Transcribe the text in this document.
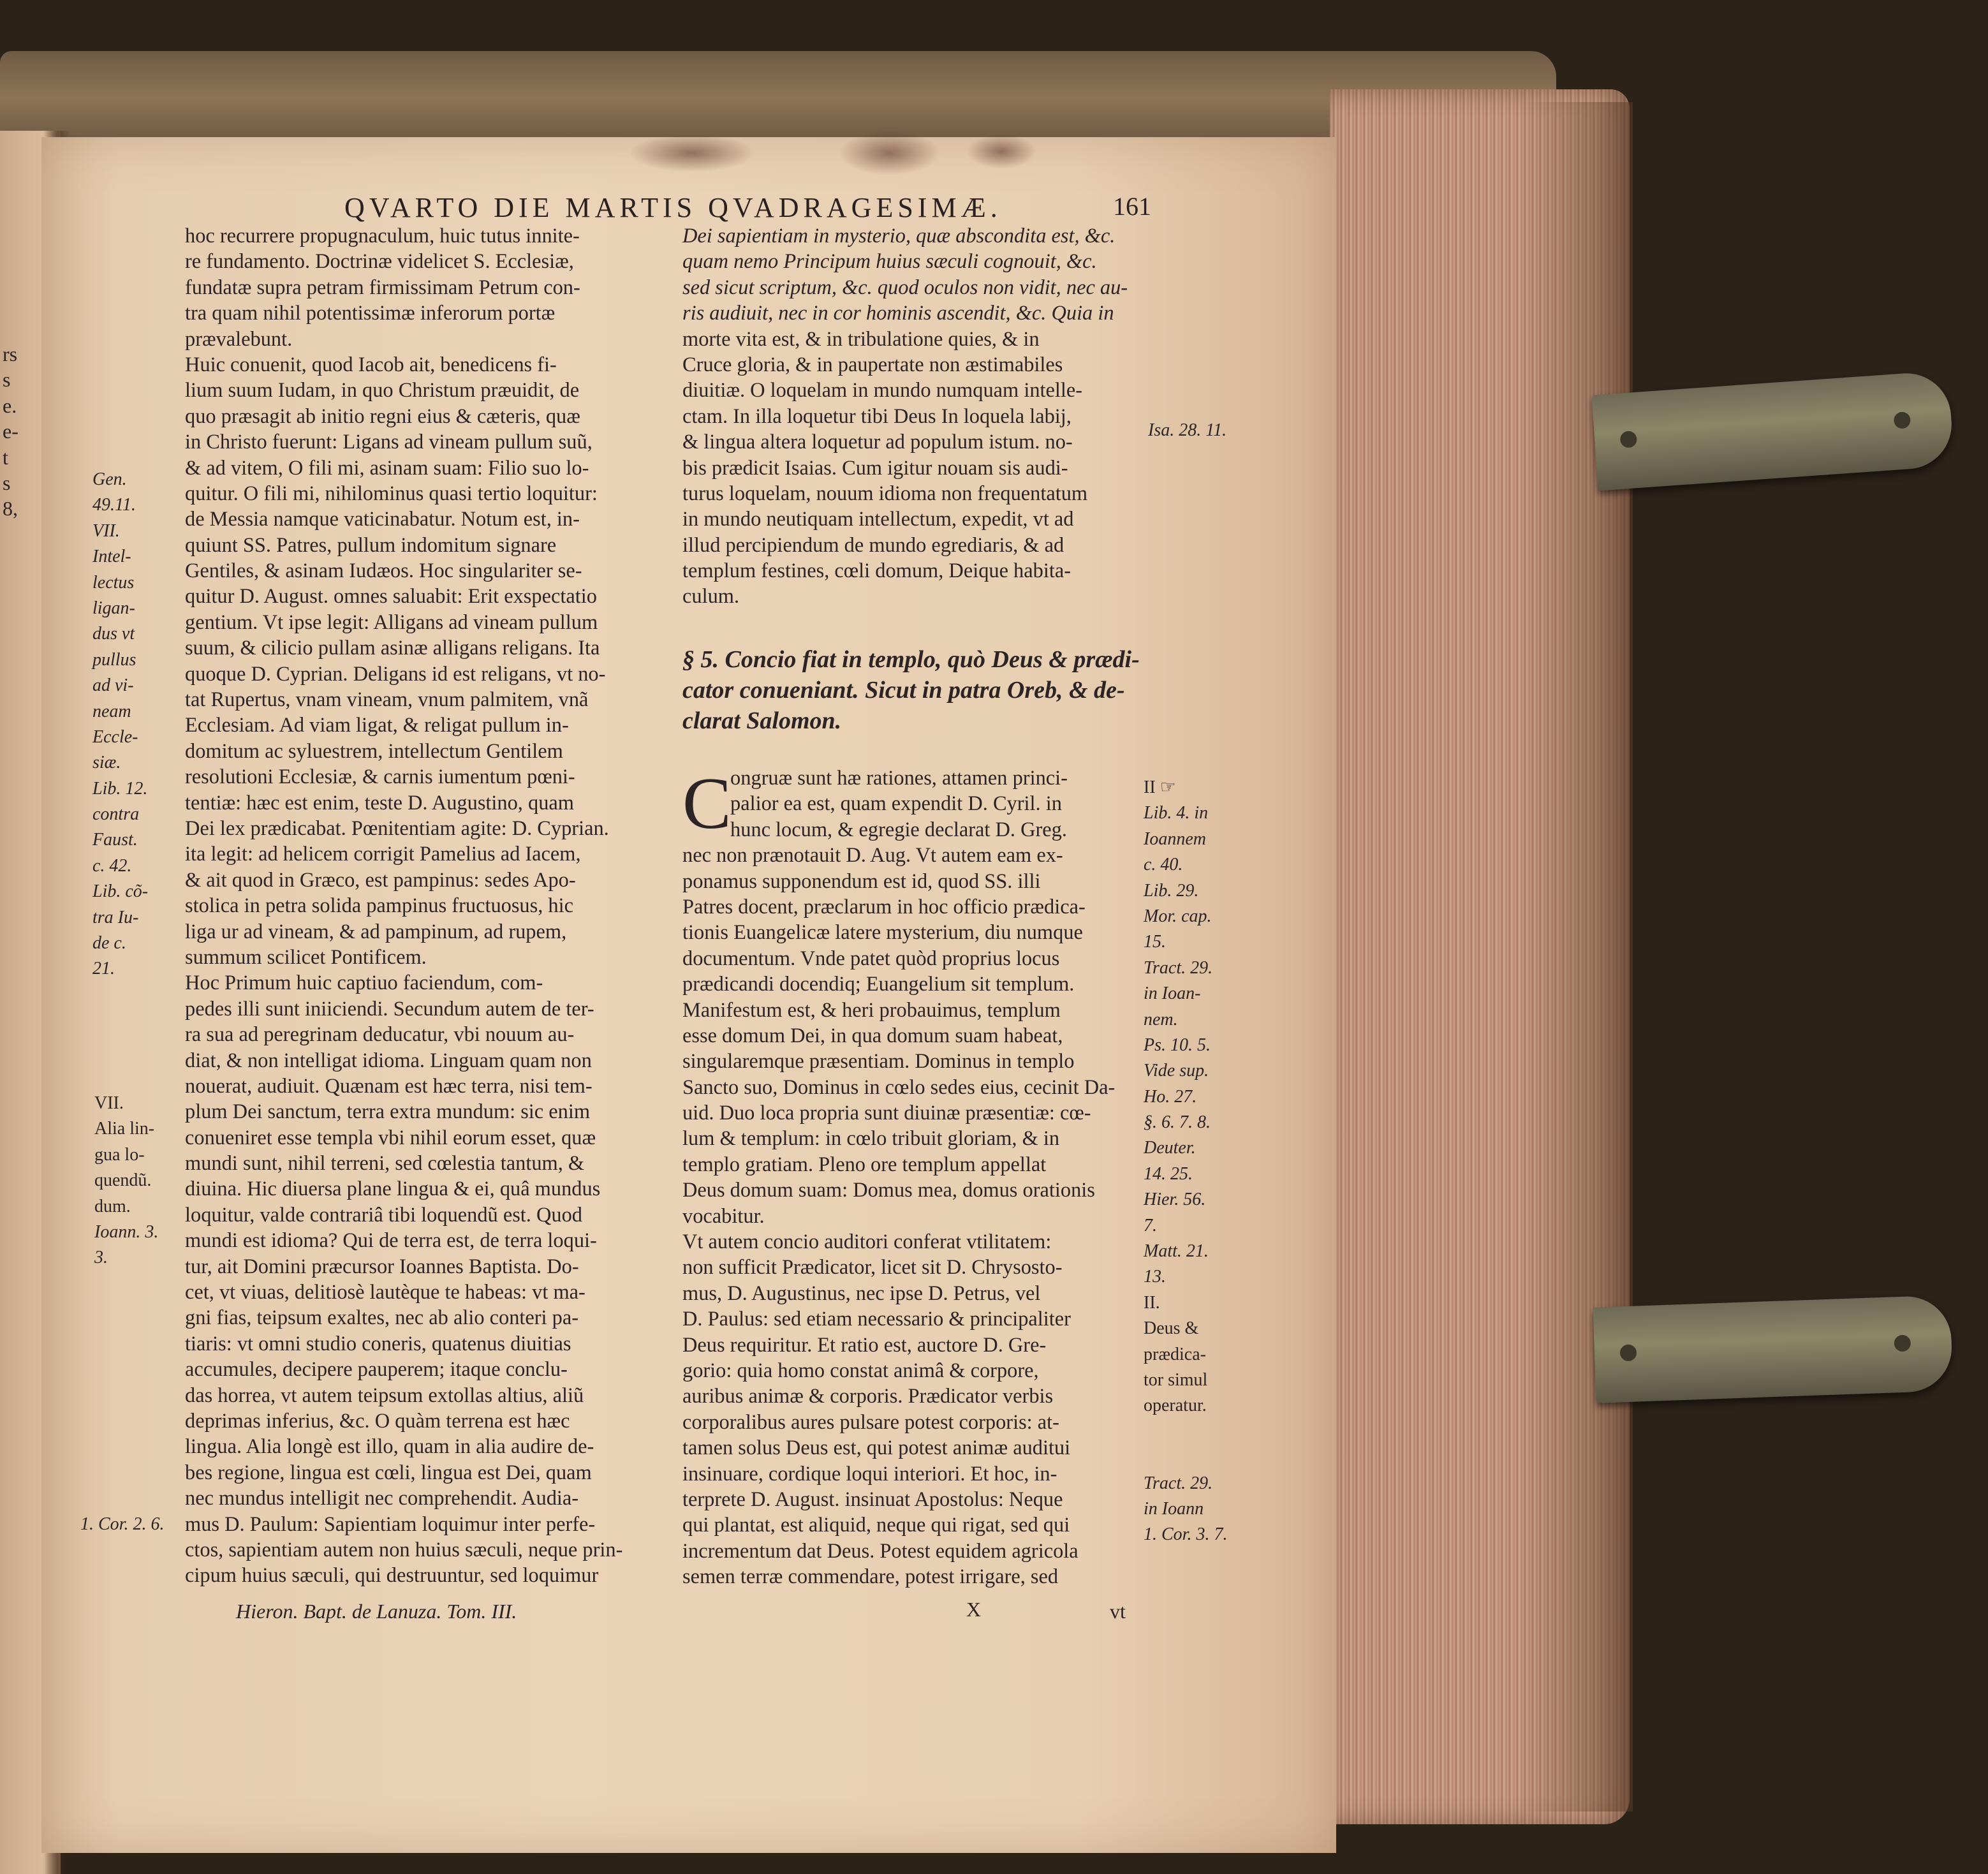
rs
s
e.
e-
t
s
8,
QVARTO DIE MARTIS QVADRAGESIMÆ.	161
hoc recurrere propugnaculum, huic tutus innite-
re fundamento. Doctrinæ videlicet S. Ecclesiæ,
fundatæ supra petram firmissimam Petrum con-
tra quam nihil potentissimæ inferorum portæ
prævalebunt.
Huic conuenit, quod Iacob ait, benedicens fi-
lium suum Iudam, in quo Christum præuidit, de
quo præsagit ab initio regni eius & cæteris, quæ
in Christo fuerunt: Ligans ad vineam pullum suũ,
& ad vitem, O fili mi, asinam suam: Filio suo lo-
quitur. O fili mi, nihilominus quasi tertio loquitur:
de Messia namque vaticinabatur. Notum est, in-
quiunt SS. Patres, pullum indomitum signare
Gentiles, & asinam Iudæos. Hoc singulariter se-
quitur D. August. omnes saluabit: Erit exspectatio
gentium. Vt ipse legit: Alligans ad vineam pullum
suum, & cilicio pullam asinæ alligans religans. Ita
quoque D. Cyprian. Deligans id est religans, vt no-
tat Rupertus, vnam vineam, vnum palmitem, vnã
Ecclesiam. Ad viam ligat, & religat pullum in-
domitum ac syluestrem, intellectum Gentilem
resolutioni Ecclesiæ, & carnis iumentum pœni-
tentiæ: hæc est enim, teste D. Augustino, quam
Dei lex prædicabat. Pœnitentiam agite: D. Cyprian.
ita legit: ad helicem corrigit Pamelius ad Iacem,
& ait quod in Græco, est pampinus: sedes Apo-
stolica in petra solida pampinus fructuosus, hic
liga ur ad vineam, & ad pampinum, ad rupem,
summum scilicet Pontificem.
Hoc Primum huic captiuo faciendum, com-
pedes illi sunt iniiciendi. Secundum autem de ter-
ra sua ad peregrinam deducatur, vbi nouum au-
diat, & non intelligat idioma. Linguam quam non
nouerat, audiuit. Quænam est hæc terra, nisi tem-
plum Dei sanctum, terra extra mundum: sic enim
conueniret esse templa vbi nihil eorum esset, quæ
mundi sunt, nihil terreni, sed cœlestia tantum, &
diuina. Hic diuersa plane lingua & ei, quâ mundus
loquitur, valde contrariâ tibi loquendũ est. Quod
mundi est idioma? Qui de terra est, de terra loqui-
tur, ait Domini præcursor Ioannes Baptista. Do-
cet, vt viuas, delitiosè lautèque te habeas: vt ma-
gni fias, teipsum exaltes, nec ab alio conteri pa-
tiaris: vt omni studio coneris, quatenus diuitias
accumules, decipere pauperem; itaque conclu-
das horrea, vt autem teipsum extollas altius, aliũ
deprimas inferius, &c. O quàm terrena est hæc
lingua. Alia longè est illo, quam in alia audire de-
bes regione, lingua est cœli, lingua est Dei, quam
nec mundus intelligit nec comprehendit. Audia-
mus D. Paulum: Sapientiam loquimur inter perfe-
ctos, sapientiam autem non huius sæculi, neque prin-
cipum huius sæculi, qui destruuntur, sed loquimur
Gen.
49.11.
VII.
Intel-
lectus
ligan-
dus vt
pullus
ad vi-
neam
Eccle-
siæ.
Lib. 12.
contra
Faust.
c. 42.
Lib. cõ-
tra Iu-
de c.
21.
VII.
Alia lin-
gua lo-
quendũ.
dum.
Ioann. 3.
3.
1. Cor. 2. 6.
Dei sapientiam in mysterio, quæ abscondita est, &c.
quam nemo Principum huius sæculi cognouit, &c.
sed sicut scriptum, &c. quod oculos non vidit, nec au-
ris audiuit, nec in cor hominis ascendit, &c. Quia in
morte vita est, & in tribulatione quies, & in
Cruce gloria, & in paupertate non æstimabiles
diuitiæ. O loquelam in mundo numquam intelle-
ctam. In illa loquetur tibi Deus In loquela labij,
& lingua altera loquetur ad populum istum. no-
bis prædicit Isaias. Cum igitur nouam sis audi-
turus loquelam, nouum idioma non frequentatum
in mundo neutiquam intellectum, expedit, vt ad
illud percipiendum de mundo egrediaris, & ad
templum festines, cœli domum, Deique habita-
culum.
Isa. 28. 11.
§ 5. Concio fiat in templo, quò Deus & prædi-
cator conueniant. Sicut in patra Oreb, & de-
clarat Salomon.
C
ongruæ sunt hæ rationes, attamen princi-
palior ea est, quam expendit D. Cyril. in
hunc locum, & egregie declarat D. Greg.
nec non prænotauit D. Aug. Vt autem eam ex-
ponamus supponendum est id, quod SS. illi
Patres docent, præclarum in hoc officio prædica-
tionis Euangelicæ latere mysterium, diu numque
documentum. Vnde patet quòd proprius locus
prædicandi docendiq; Euangelium sit templum.
Manifestum est, & heri probauimus, templum
esse domum Dei, in qua domum suam habeat,
singularemque præsentiam. Dominus in templo
Sancto suo, Dominus in cœlo sedes eius, cecinit Da-
uid. Duo loca propria sunt diuinæ præsentiæ: cœ-
lum & templum: in cœlo tribuit gloriam, & in
templo gratiam. Pleno ore templum appellat
Deus domum suam: Domus mea, domus orationis
vocabitur.
Vt autem concio auditori conferat vtilitatem:
non sufficit Prædicator, licet sit D. Chrysosto-
mus, D. Augustinus, nec ipse D. Petrus, vel
D. Paulus: sed etiam necessario & principaliter
Deus requiritur. Et ratio est, auctore D. Gre-
gorio: quia homo constat animâ & corpore,
auribus animæ & corporis. Prædicator verbis
corporalibus aures pulsare potest corporis: at-
tamen solus Deus est, qui potest animæ auditui
insinuare, cordique loqui interiori. Et hoc, in-
terprete D. August. insinuat Apostolus: Neque
qui plantat, est aliquid, neque qui rigat, sed qui
incrementum dat Deus. Potest equidem agricola
semen terræ commendare, potest irrigare, sed
II ☞
Lib. 4. in
Ioannem
c. 40.
Lib. 29.
Mor. cap.
15.
Tract. 29.
in Ioan-
nem.
Ps. 10. 5.
Vide sup.
Ho. 27.
§. 6. 7. 8.
Deuter.
14. 25.
Hier. 56.
7.
Matt. 21.
13.
II.
Deus &
prædica-
tor simul
operatur.
Tract. 29.
in Ioann
1. Cor. 3. 7.
Hieron. Bapt. de Lanuza. Tom. III.	X	vt
